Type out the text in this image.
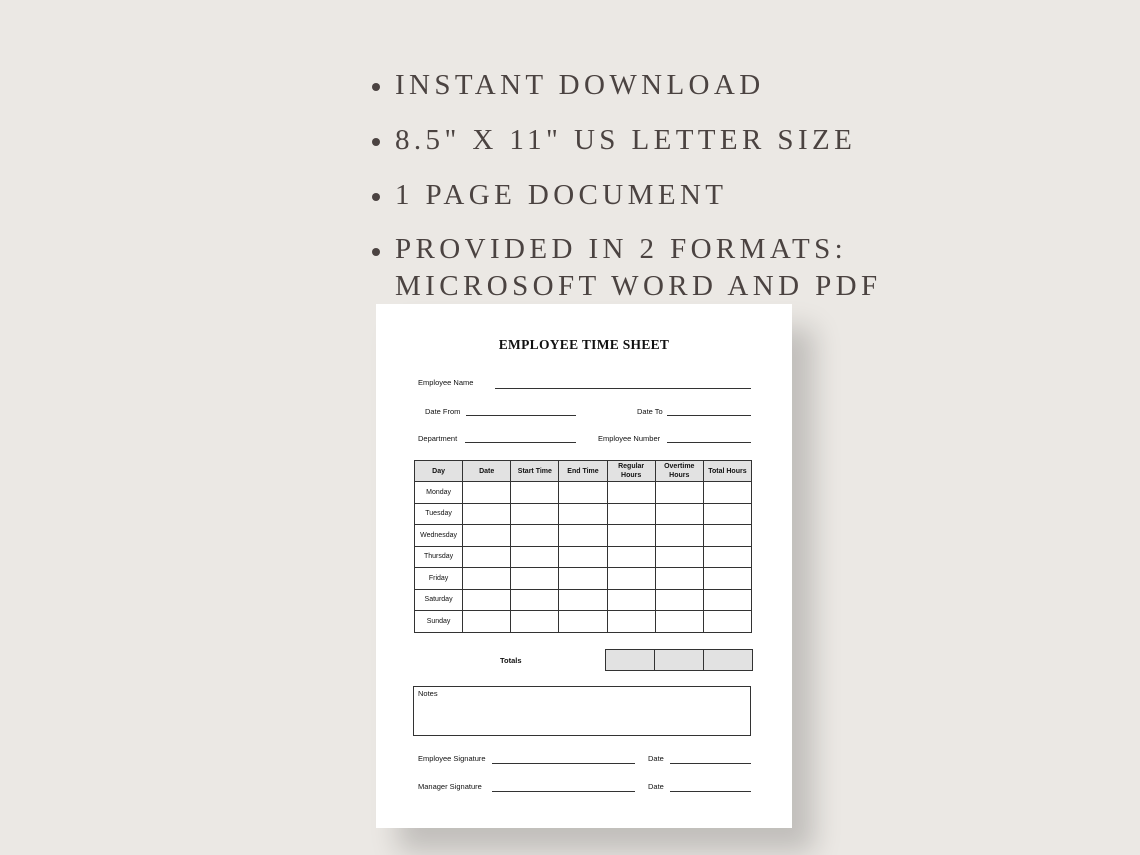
INSTANT DOWNLOAD
8.5" X 11" US LETTER SIZE
1 PAGE DOCUMENT
PROVIDED IN 2 FORMATS:
MICROSOFT WORD AND PDF
EMPLOYEE TIME SHEET
Employee Name
Date From	Date To
Department	Employee Number
Day	Date	Start Time	End Time	Regular Hours	Overtime Hours	Total Hours
Monday						
Tuesday						
Wednesday						
Thursday						
Friday						
Saturday						
Sunday						
Totals
Notes
Employee Signature	Date
Manager Signature	Date
